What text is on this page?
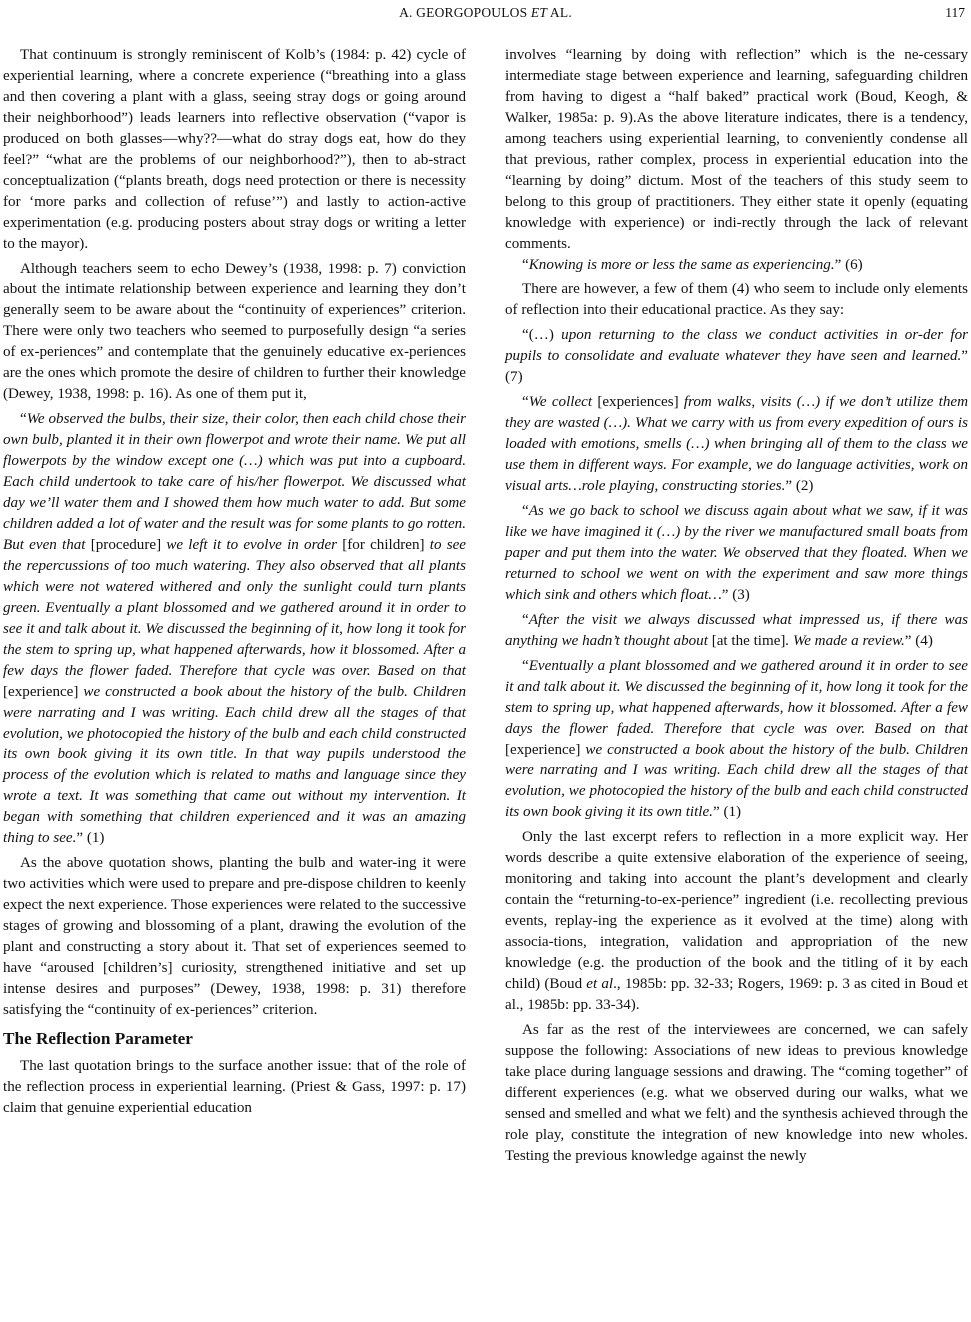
A. GEORGOPOULOS ET AL.	117

That continuum is strongly reminiscent of Kolb’s (1984: p. 42) cycle of experiential learning, where a concrete experience (“breathing into a glass and then covering a plant with a glass, seeing stray dogs or going around their neighborhood”) leads learners into reflective observation (“vapor is produced on both glasses—why??—what do stray dogs eat, how do they feel?” “what are the problems of our neighborhood?”), then to ab-stract conceptualization (“plants breath, dogs need protection or there is necessity for ‘more parks and collection of refuse’”) and lastly to action-active experimentation (e.g. producing posters about stray dogs or writing a letter to the mayor).

Although teachers seem to echo Dewey’s (1938, 1998: p. 7) conviction about the intimate relationship between experience and learning they don’t generally seem to be aware about the “continuity of experiences” criterion. There were only two teachers who seemed to purposefully design “a series of ex-periences” and contemplate that the genuinely educative ex-periences are the ones which promote the desire of children to further their knowledge (Dewey, 1938, 1998: p. 16). As one of them put it,

“We observed the bulbs, their size, their color, then each child chose their own bulb, planted it in their own flowerpot and wrote their name. We put all flowerpots by the window except one (…) which was put into a cupboard. Each child undertook to take care of his/her flowerpot. We discussed what day we’ll water them and I showed them how much water to add. But some children added a lot of water and the result was for some plants to go rotten. But even that [procedure] we left it to evolve in order [for children] to see the repercussions of too much watering. They also observed that all plants which were not watered withered and only the sunlight could turn plants green. Eventually a plant blossomed and we gathered around it in order to see it and talk about it. We discussed the beginning of it, how long it took for the stem to spring up, what happened afterwards, how it blossomed. After a few days the flower faded. Therefore that cycle was over. Based on that [experience] we constructed a book about the history of the bulb. Children were narrating and I was writing. Each child drew all the stages of that evolution, we photocopied the history of the bulb and each child constructed its own book giving it its own title. In that way pupils understood the process of the evolution which is related to maths and language since they wrote a text. It was something that came out without my intervention. It began with something that children experienced and it was an amazing thing to see.” (1)

As the above quotation shows, planting the bulb and water-ing it were two activities which were used to prepare and pre-dispose children to keenly expect the next experience. Those experiences were related to the successive stages of growing and blossoming of a plant, drawing the evolution of the plant and constructing a story about it. That set of experiences seemed to have “aroused [children’s] curiosity, strengthened initiative and set up intense desires and purposes” (Dewey, 1938, 1998: p. 31) therefore satisfying the “continuity of ex-periences” criterion.

The Reflection Parameter

The last quotation brings to the surface another issue: that of the role of the reflection process in experiential learning. (Priest & Gass, 1997: p. 17) claim that genuine experiential education

involves “learning by doing with reflection” which is the ne-cessary intermediate stage between experience and learning, safeguarding children from having to digest a “half baked” practical work (Boud, Keogh, & Walker, 1985a: p. 9).As the above literature indicates, there is a tendency, among teachers using experiential learning, to conveniently condense all that previous, rather complex, process in experiential education into the “learning by doing” dictum. Most of the teachers of this study seem to belong to this group of practitioners. They either state it openly (equating knowledge with experience) or indi-rectly through the lack of relevant comments.

“Knowing is more or less the same as experiencing.” (6)

There are however, a few of them (4) who seem to include only elements of reflection into their educational practice. As they say:

“(…) upon returning to the class we conduct activities in or-der for pupils to consolidate and evaluate whatever they have seen and learned.” (7)

“We collect [experiences] from walks, visits (…) if we don’t utilize them they are wasted (…). What we carry with us from every expedition of ours is loaded with emotions, smells (…) when bringing all of them to the class we use them in different ways. For example, we do language activities, work on visual arts…role playing, constructing stories.” (2)

“As we go back to school we discuss again about what we saw, if it was like we have imagined it (…) by the river we manufactured small boats from paper and put them into the water. We observed that they floated. When we returned to school we went on with the experiment and saw more things which sink and others which float…” (3)

“After the visit we always discussed what impressed us, if there was anything we hadn’t thought about [at the time]. We made a review.” (4)

“Eventually a plant blossomed and we gathered around it in order to see it and talk about it. We discussed the beginning of it, how long it took for the stem to spring up, what happened afterwards, how it blossomed. After a few days the flower faded. Therefore that cycle was over. Based on that [experience] we constructed a book about the history of the bulb. Children were narrating and I was writing. Each child drew all the stages of that evolution, we photocopied the history of the bulb and each child constructed its own book giving it its own title.” (1)

Only the last excerpt refers to reflection in a more explicit way. Her words describe a quite extensive elaboration of the experience of seeing, monitoring and taking into account the plant’s development and clearly contain the “returning-to-ex-perience” ingredient (i.e. recollecting previous events, replay-ing the experience as it evolved at the time) along with associa-tions, integration, validation and appropriation of the new knowledge (e.g. the production of the book and the titling of it by each child) (Boud et al., 1985b: pp. 32-33; Rogers, 1969: p. 3 as cited in Boud et al., 1985b: pp. 33-34).

As far as the rest of the interviewees are concerned, we can safely suppose the following: Associations of new ideas to previous knowledge take place during language sessions and drawing. The “coming together” of different experiences (e.g. what we observed during our walks, what we sensed and smelled and what we felt) and the synthesis achieved through the role play, constitute the integration of new knowledge into new wholes. Testing the previous knowledge against the newly
